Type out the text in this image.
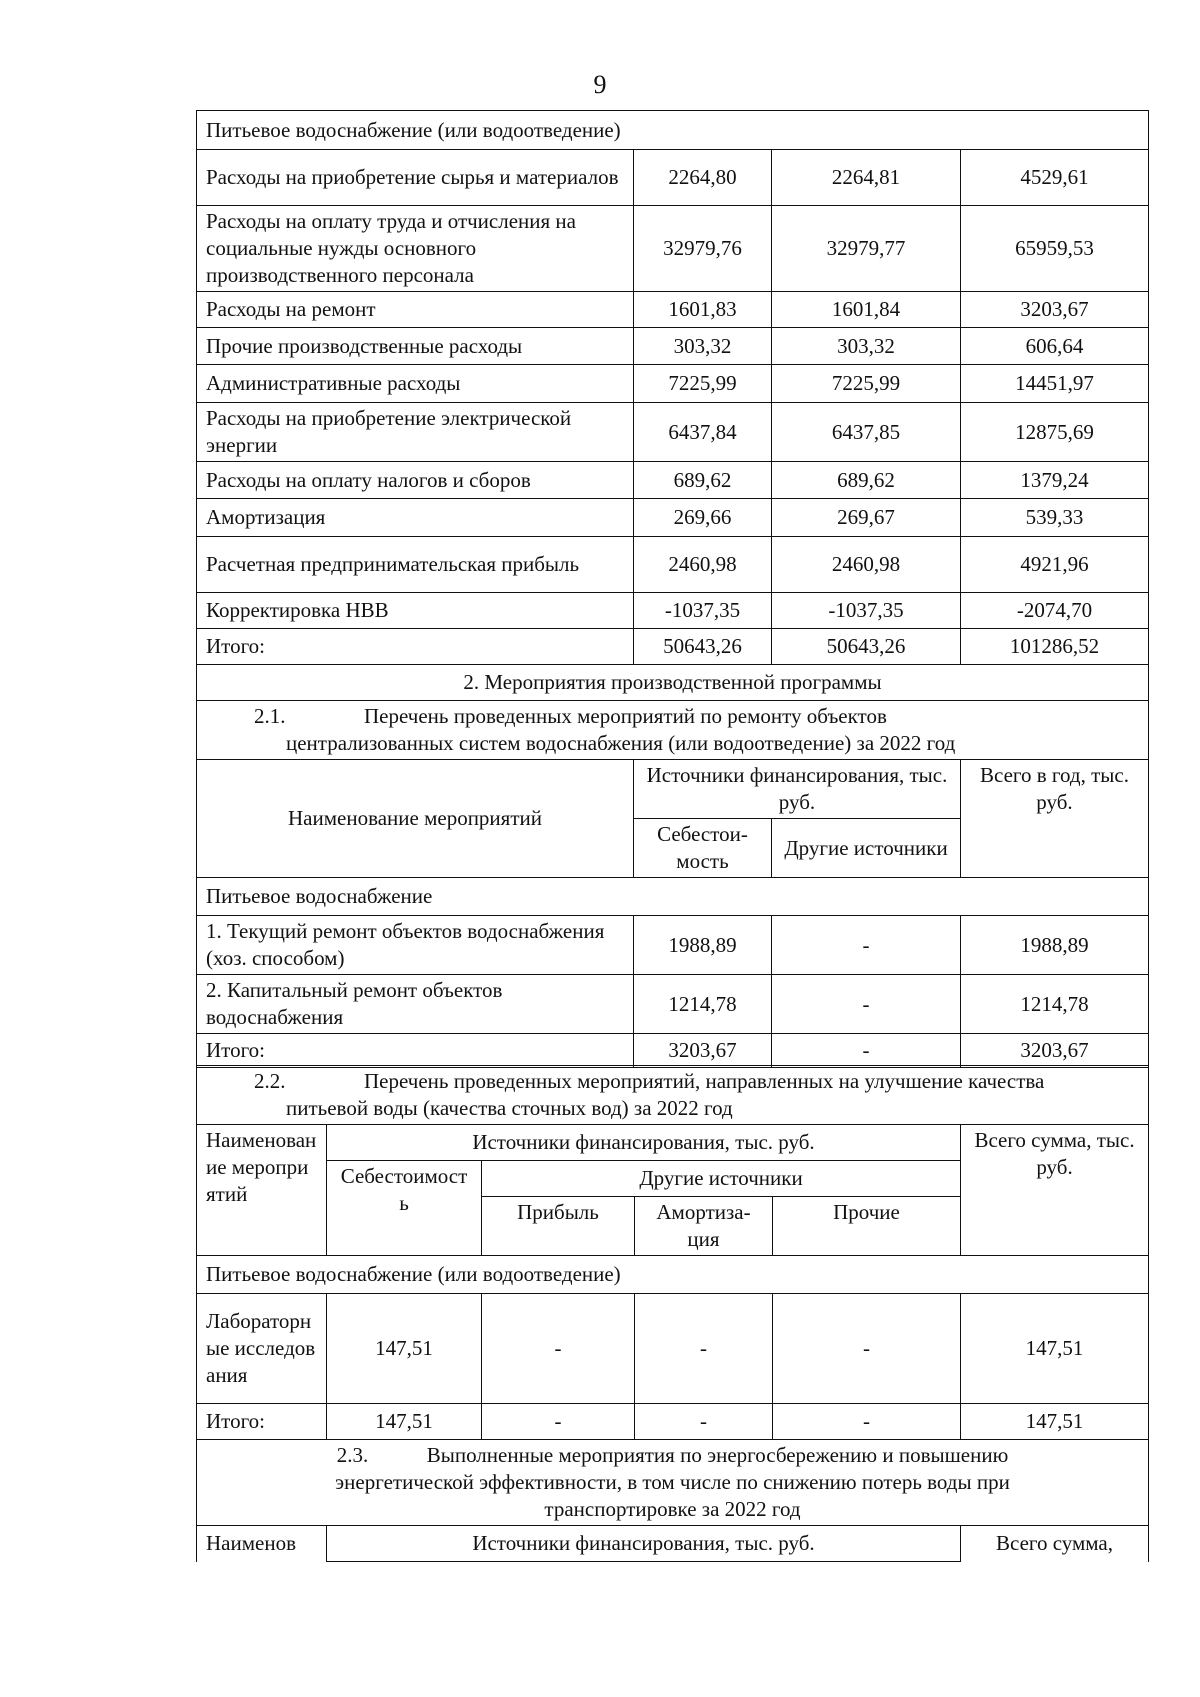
9
Питьевое водоснабжение (или водоотведение)			
Расходы на приобретение сырья и материалов	2264,80	2264,81	4529,61
Расходы на оплату труда и отчисления на социальные нужды основного производственного персонала	32979,76	32979,77	65959,53
Расходы на ремонт	1601,83	1601,84	3203,67
Прочие производственные расходы	303,32	303,32	606,64
Административные расходы	7225,99	7225,99	14451,97
Расходы на приобретение электрической энергии	6437,84	6437,85	12875,69
Расходы на оплату налогов и сборов	689,62	689,62	1379,24
Амортизация	269,66	269,67	539,33
Расчетная предпринимательская прибыль	2460,98	2460,98	4921,96
Корректировка НВВ	-1037,35	-1037,35	-2074,70
Итого:	50643,26	50643,26	101286,52
2. Мероприятия производственной программы			

2.1. Перечень проведенных мероприятий по ремонту объектов
централизованных систем водоснабжения (или водоотведение) за 2022 год			

Наименование мероприятий	Источники финансирования, тыс. руб.		Всего в год, тыс. руб.
	Себестои-мость	Другие источники	
Питьевое водоснабжение			
1. Текущий ремонт объектов водоснабжения (хоз. способом)	1988,89	-	1988,89
2. Капитальный ремонт объектов водоснабжения	1214,78	-	1214,78
Итого:	3203,67	-	3203,67
2.2. Перечень проведенных мероприятий, направленных на улучшение качества
питьевой воды (качества сточных вод) за 2022 год					

Наименование мероприятий	Источники финансирования, тыс. руб.				Всего сумма, тыс. руб.
	Себестоимость	Другие источники			
		Прибыль	Амортиза-ция	Прочие	
Питьевое водоснабжение (или водоотведение)					
Лабораторные исследования	147,51	-	-	-	147,51
Итого:	147,51	-	-	-	147,51

2.3. Выполненные мероприятия по энергосбережению и повышению
энергетической эффективности, в том числе по снижению потерь воды при транспортировке за 2022 год					

Наименов	Источники финансирования, тыс. руб.				Всего сумма,
